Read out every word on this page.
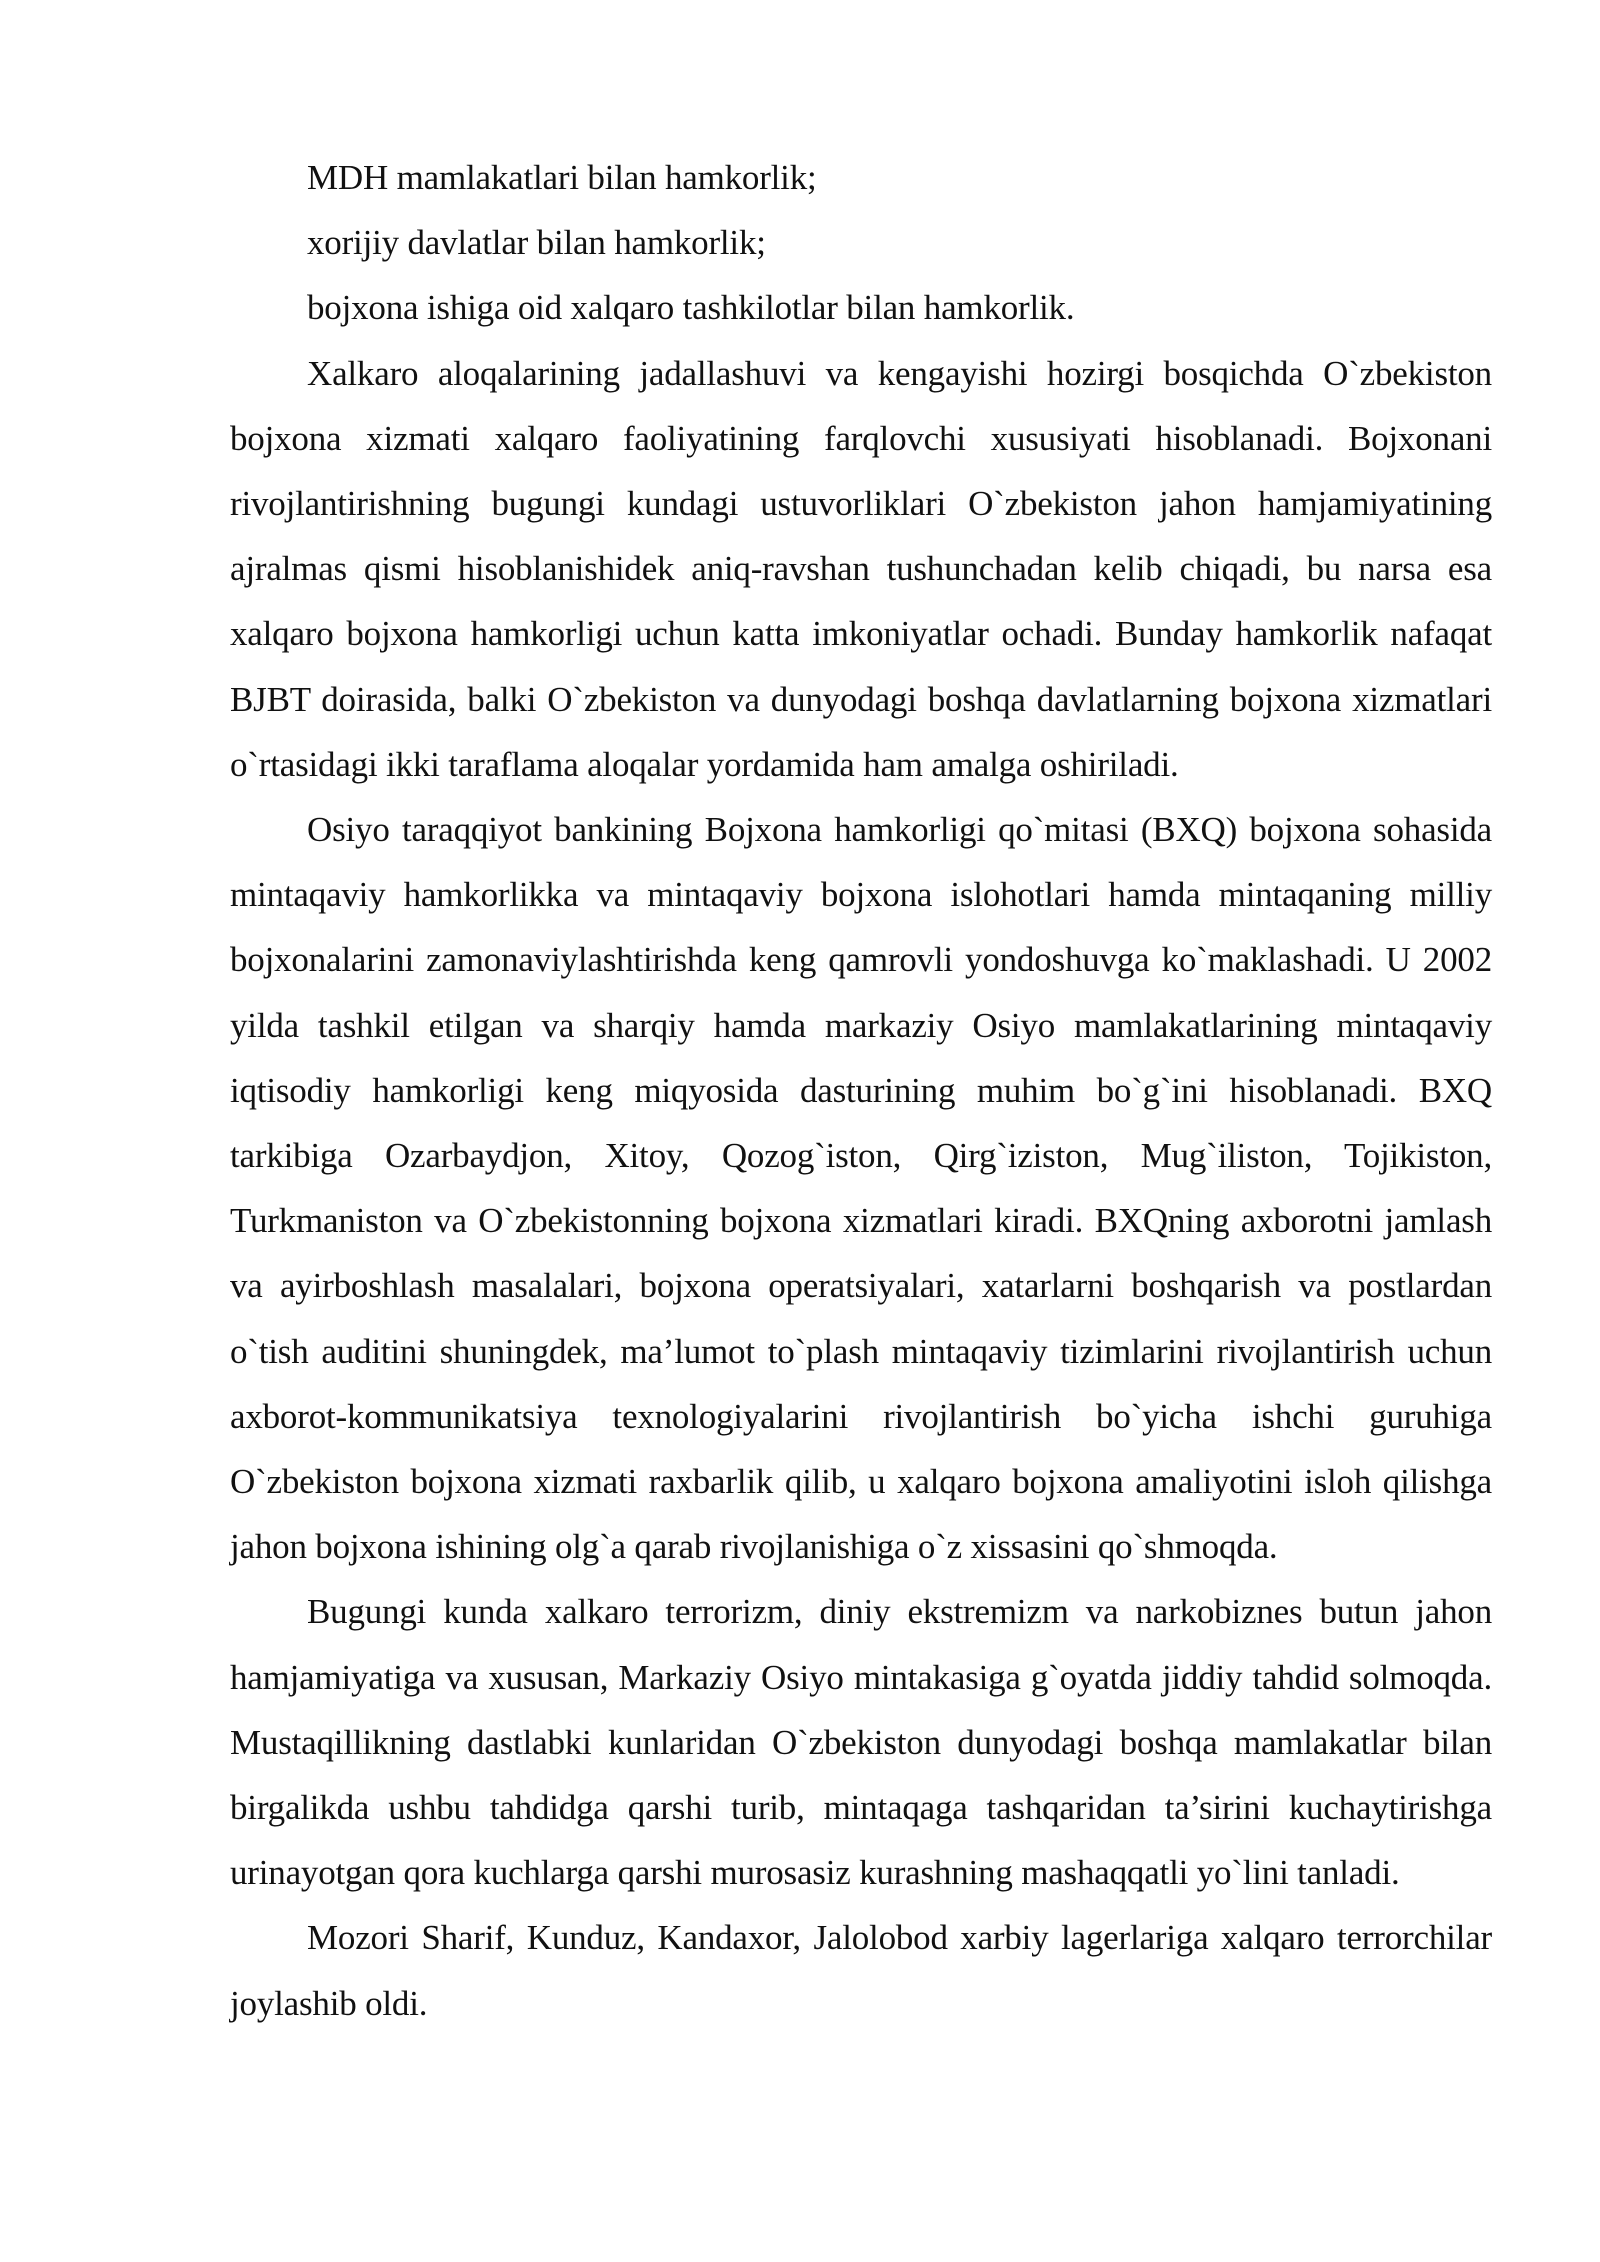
MDH mamlakatlari bilan hamkorlik;

xorijiy davlatlar bilan hamkorlik;

bojxona ishiga oid xalqaro tashkilotlar bilan hamkorlik.

Xalkaro aloqalarining jadallashuvi va kengayishi hozirgi bosqichda O`zbekiston bojxona xizmati xalqaro faoliyatining farqlovchi xususiyati hisoblanadi. Bojxonani rivojlantirishning bugungi kundagi ustuvorliklari O`zbekiston jahon hamjamiyatining ajralmas qismi hisoblanishidek aniq-ravshan tushunchadan kelib chiqadi, bu narsa esa xalqaro bojxona hamkorligi uchun katta imkoniyatlar ochadi. Bunday hamkorlik nafaqat BJBT doirasida, balki O`zbekiston va dunyodagi boshqa davlatlarning bojxona xizmatlari o`rtasidagi ikki taraflama aloqalar yordamida ham amalga oshiriladi.

Osiyo taraqqiyot bankining Bojxona hamkorligi qo`mitasi (BXQ) bojxona sohasida mintaqaviy hamkorlikka va mintaqaviy bojxona islohotlari hamda mintaqaning milliy bojxonalarini zamonaviylashtirishda keng qamrovli yondoshuvga ko`maklashadi. U 2002 yilda tashkil etilgan va sharqiy hamda markaziy Osiyo mamlakatlarining mintaqaviy iqtisodiy hamkorligi keng miqyosida dasturining muhim bo`g`ini hisoblanadi. BXQ tarkibiga Ozarbaydjon, Xitoy, Qozog`iston, Qirg`iziston, Mug`iliston, Tojikiston, Turkmaniston va O`zbekistonning bojxona xizmatlari kiradi. BXQning axborotni jamlash va ayirboshlash masalalari, bojxona operatsiyalari, xatarlarni boshqarish va postlardan o`tish auditini shuningdek, ma’lumot to`plash mintaqaviy tizimlarini rivojlantirish uchun axborot-kommunikatsiya texnologiyalarini rivojlantirish bo`yicha ishchi guruhiga O`zbekiston bojxona xizmati raxbarlik qilib, u xalqaro bojxona amaliyotini isloh qilishga jahon bojxona ishining olg`a qarab rivojlanishiga o`z xissasini qo`shmoqda.

Bugungi kunda xalkaro terrorizm, diniy ekstremizm va narkobiznes butun jahon hamjamiyatiga va xususan, Markaziy Osiyo mintakasiga g`oyatda jiddiy tahdid solmoqda. Mustaqillikning dastlabki kunlaridan O`zbekiston dunyodagi boshqa mamlakatlar bilan birgalikda ushbu tahdidga qarshi turib, mintaqaga tashqaridan ta’sirini kuchaytirishga urinayotgan qora kuchlarga qarshi murosasiz kurashning mashaqqatli yo`lini tanladi.

Mozori Sharif, Kunduz, Kandaxor, Jalolobod xarbiy lagerlariga xalqaro terrorchilar joylashib oldi.
